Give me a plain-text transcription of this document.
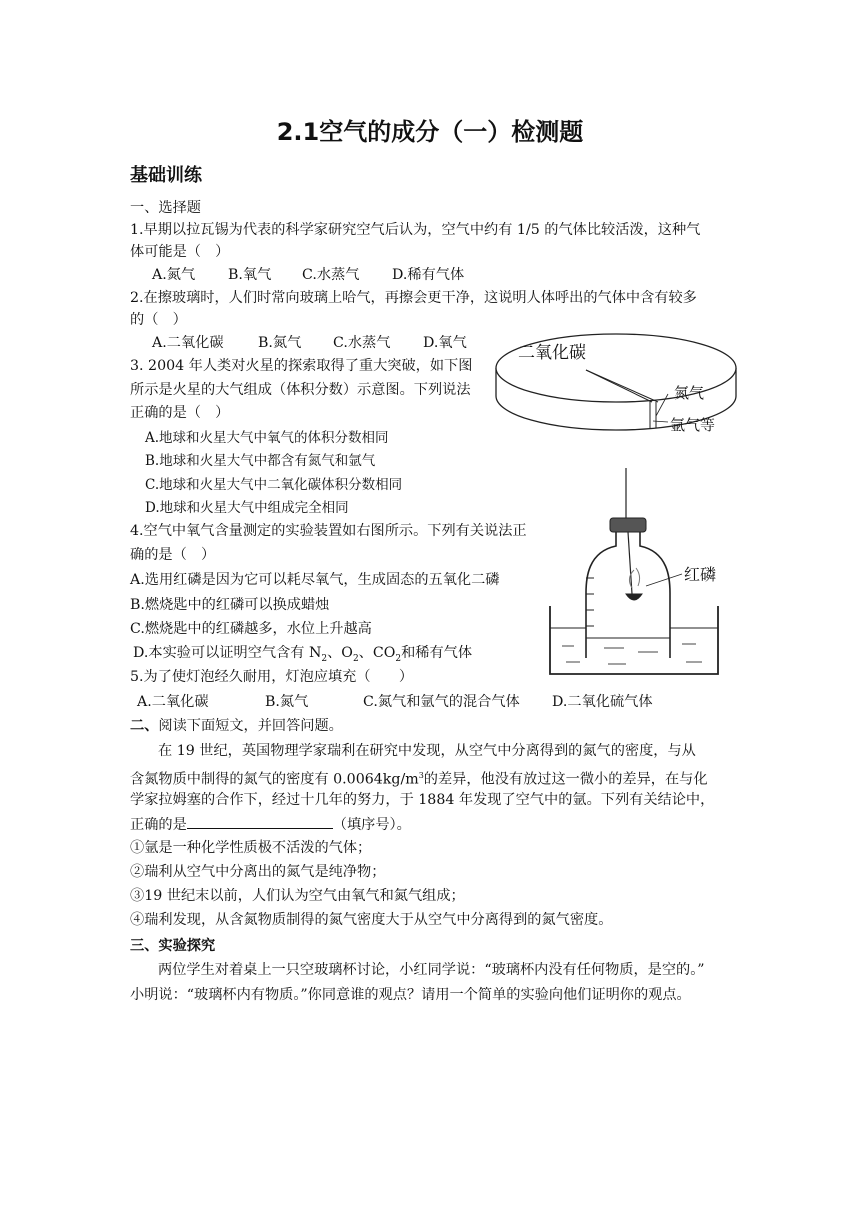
2.1空气的成分（一）检测题
基础训练
一、选择题
1.早期以拉瓦锡为代表的科学家研究空气后认为，空气中约有 1/5 的气体比较活泼，这种气
体可能是（　）
A.氮气 B.氧气 C.水蒸气 D.稀有气体
2.在擦玻璃时，人们时常向玻璃上哈气，再擦会更干净，这说明人体呼出的气体中含有较多
的（　）
A.二氧化碳 B.氮气 C.水蒸气 D.氧气
3. 2004 年人类对火星的探索取得了重大突破，如下图
所示是火星的大气组成（体积分数）示意图。下列说法
正确的是（　）
A.地球和火星大气中氧气的体积分数相同
B.地球和火星大气中都含有氮气和氩气
C.地球和火星大气中二氧化碳体积分数相同
D.地球和火星大气中组成完全相同
二氧化碳
氮气
氩气等
4.空气中氧气含量测定的实验装置如右图所示。下列有关说法正
确的是（　）
A.选用红磷是因为它可以耗尽氧气，生成固态的五氧化二磷
B.燃烧匙中的红磷可以换成蜡烛
C.燃烧匙中的红磷越多，水位上升越高
D.本实验可以证明空气含有 $N_2$、$O_2$、$CO_2$和稀有气体
红磷
5.为了使灯泡经久耐用，灯泡应填充（　　）
A.二氧化碳	B.氮气	C.氮气和氩气的混合气体 D.二氧化硫气体
二、阅读下面短文，并回答问题。
在 19 世纪，英国物理学家瑞利在研究中发现，从空气中分离得到的氮气的密度，与从
含氮物质中制得的氮气的密度有 $0.0064kg/m^3$的差异，他没有放过这一微小的差异，在与化
学家拉姆塞的合作下，经过十几年的努力，于 1884 年发现了空气中的氩。下列有关结论中，
正确的是	（填序号）。
①氩是一种化学性质极不活泼的气体；
②瑞利从空气中分离出的氮气是纯净物；
③19 世纪末以前，人们认为空气由氧气和氮气组成；
④瑞利发现，从含氮物质制得的氮气密度大于从空气中分离得到的氮气密度。
三、实验探究
两位学生对着桌上一只空玻璃杯讨论，小红同学说：“玻璃杯内没有任何物质，是空的。”
小明说：“玻璃杯内有物质。”你同意谁的观点？请用一个简单的实验向他们证明你的观点。
